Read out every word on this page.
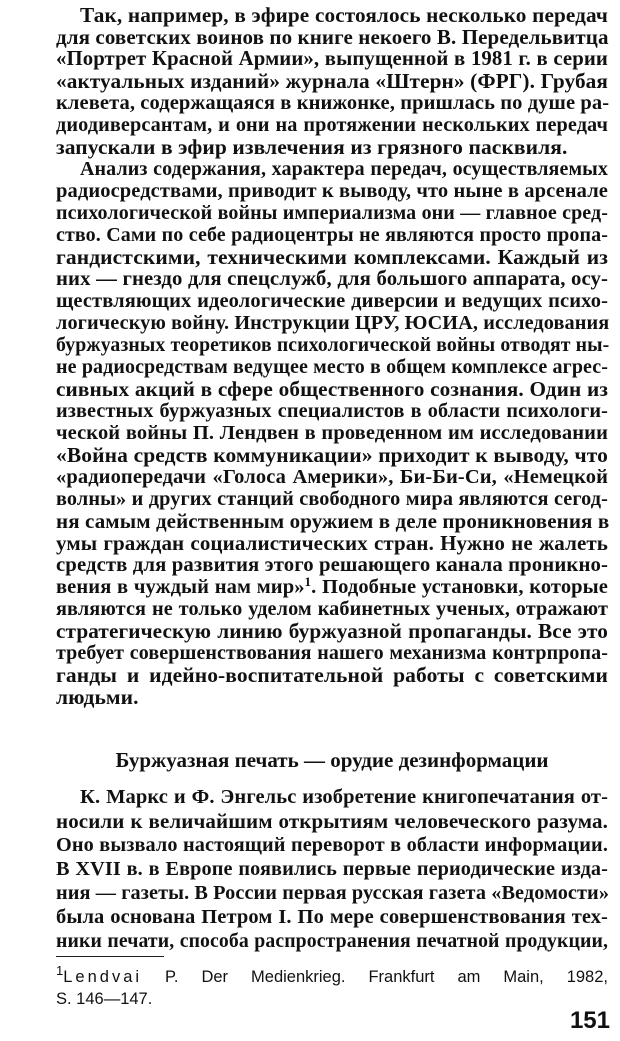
Так, например, в эфире состоялось несколько передач
для советских воинов по книге некоего В. Передельвитца
«Портрет Красной Армии», выпущенной в 1981 г. в серии
«актуальных изданий» журнала «Штерн» (ФРГ). Грубая
клевета, содержащаяся в книжонке, пришлась по душе ра-
диодиверсантам, и они на протяжении нескольких передач
запускали в эфир извлечения из грязного пасквиля.
Анализ содержания, характера передач, осуществляемых
радиосредствами, приводит к выводу, что ныне в арсенале
психологической войны империализма они — главное сред-
ство. Сами по себе радиоцентры не являются просто пропа-
гандистскими, техническими комплексами. Каждый из
них — гнездо для спецслужб, для большого аппарата, осу-
ществляющих идеологические диверсии и ведущих психо-
логическую войну. Инструкции ЦРУ, ЮСИА, исследования
буржуазных теоретиков психологической войны отводят ны-
не радиосредствам ведущее место в общем комплексе агрес-
сивных акций в сфере общественного сознания. Один из
известных буржуазных специалистов в области психологи-
ческой войны П. Лендвен в проведенном им исследовании
«Война средств коммуникации» приходит к выводу, что
«радиопередачи «Голоса Америки», Би-Би-Си, «Немецкой
волны» и других станций свободного мира являются сегод-
ня самым действенным оружием в деле проникновения в
умы граждан социалистических стран. Нужно не жалеть
средств для развития этого решающего канала проникно-
вения в чуждый нам мир»$^1$. Подобные установки, которые
являются не только уделом кабинетных ученых, отражают
стратегическую линию буржуазной пропаганды. Все это
требует совершенствования нашего механизма контрпропа-
ганды и идейно-воспитательной работы с советскими
людьми.
Буржуазная печать — орудие дезинформации
К. Маркс и Ф. Энгельс изобретение книгопечатания от-
носили к величайшим открытиям человеческого разума.
Оно вызвало настоящий переворот в области информации.
В XVII в. в Европе появились первые периодические изда-
ния — газеты. В России первая русская газета «Ведомости»
была основана Петром I. По мере совершенствования тех-
ники печати, способа распространения печатной продукции,
$^1$Lendvai P. Der Medienkrieg. Frankfurt am Main, 1982,
S. 146—147.
151
